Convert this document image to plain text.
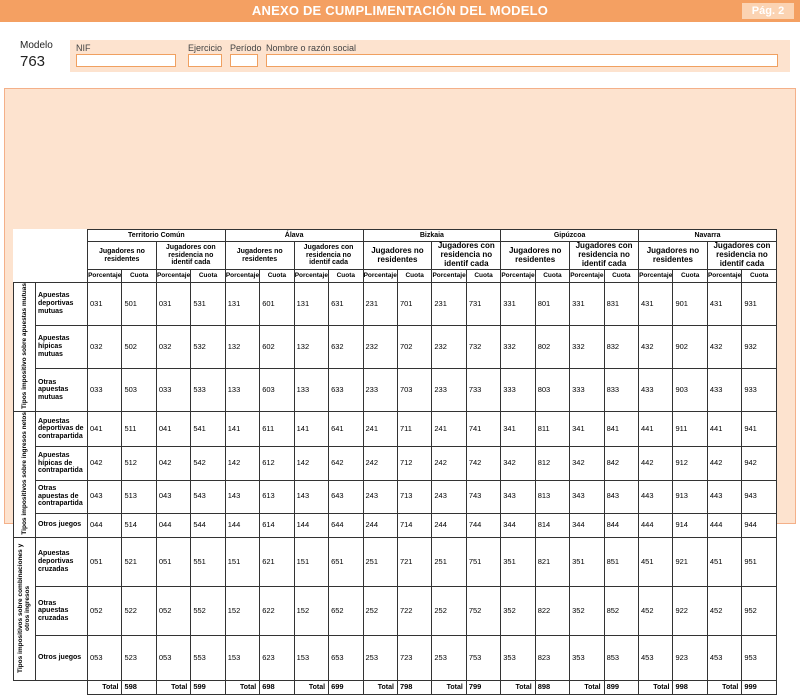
ANEXO DE CUMPLIMENTACIÓN DEL MODELO	Pág. 2
Modelo
763
NIF	Ejercicio Período Nombre o razón social
		Territorio Común				Álava				Bizkaia				Gipúzcoa				Navarra			
		Jugadores no residentes		Jugadores con residencia no identif cada		Jugadores no residentes		Jugadores con residencia no identif cada		Jugadores no residentes		Jugadores con residencia no identif cada		Jugadores no residentes		Jugadores con residencia no identif cada		Jugadores no residentes		Jugadores con residencia no identif cada	
		Porcentaje	Cuota	Porcentaje	Cuota	Porcentaje	Cuota	Porcentaje	Cuota	Porcentaje	Cuota	Porcentaje	Cuota	Porcentaje	Cuota	Porcentaje	Cuota	Porcentaje	Cuota	Porcentaje	Cuota
Tipos impositivo sobre apuestas mutuas	Apuestas deportivas mutuas	031	501	031	531	131	601	131	631	231	701	231	731	331	801	331	831	431	901	431	931
	Apuestas hípicas mutuas	032	502	032	532	132	602	132	632	232	702	232	732	332	802	332	832	432	902	432	932
	Otras apuestas mutuas	033	503	033	533	133	603	133	633	233	703	233	733	333	803	333	833	433	903	433	933
Tipos impositivos sobre ingresos netos	Apuestas deportivas de contrapartida	041	511	041	541	141	611	141	641	241	711	241	741	341	811	341	841	441	911	441	941
	Apuestas hípicas de contrapartida	042	512	042	542	142	612	142	642	242	712	242	742	342	812	342	842	442	912	442	942
	Otras apuestas de contrapartida	043	513	043	543	143	613	143	643	243	713	243	743	343	813	343	843	443	913	443	943
	Otros juegos	044	514	044	544	144	614	144	644	244	714	244	744	344	814	344	844	444	914	444	944
Tipos impositivos sobre combinaciones y otros ingresos	Apuestas deportivas cruzadas	051	521	051	551	151	621	151	651	251	721	251	751	351	821	351	851	451	921	451	951
	Otras apuestas cruzadas	052	522	052	552	152	622	152	652	252	722	252	752	352	822	352	852	452	922	452	952
	Otros juegos	053	523	053	553	153	623	153	653	253	723	253	753	353	823	353	853	453	923	453	953
		Total	598	Total	599	Total	698	Total	699	Total	798	Total	799	Total	898	Total	899	Total	998	Total	999
